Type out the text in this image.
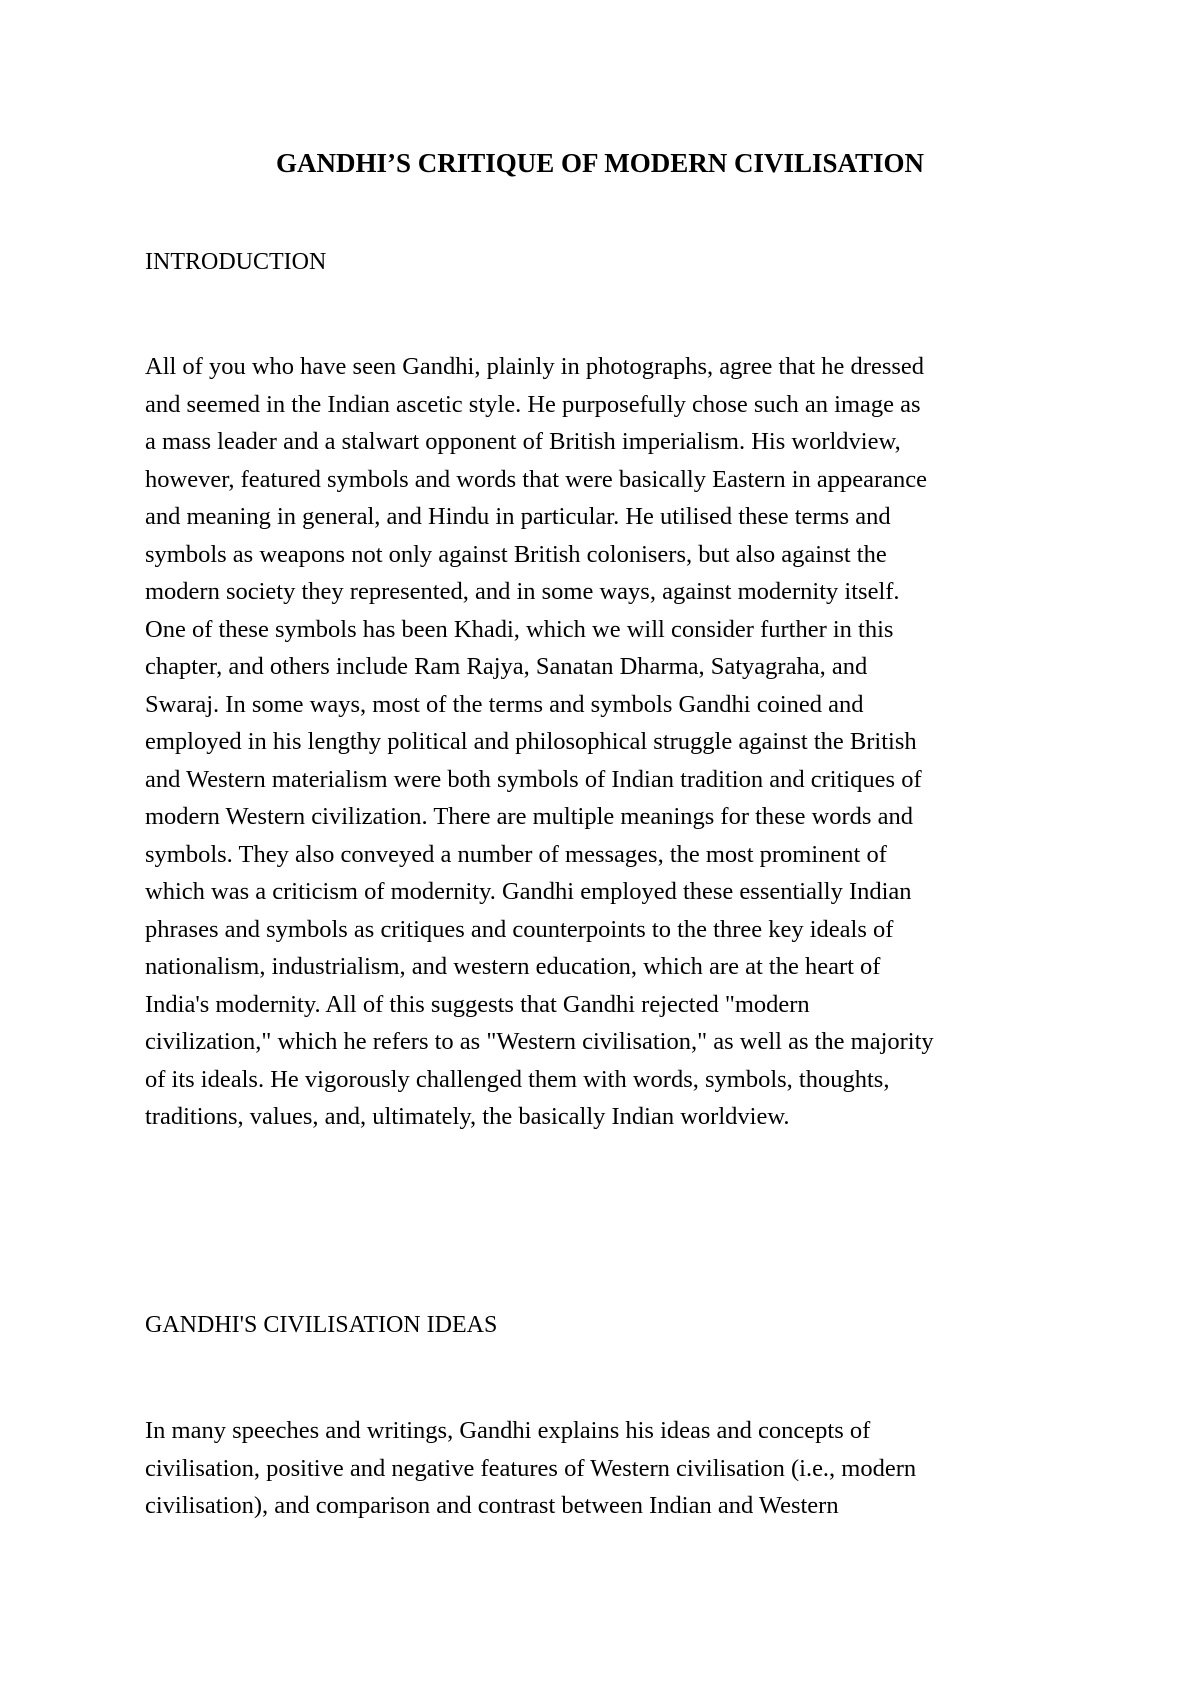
GANDHI’S CRITIQUE OF MODERN CIVILISATION
INTRODUCTION
All of you who have seen Gandhi, plainly in photographs, agree that he dressed
and seemed in the Indian ascetic style. He purposefully chose such an image as
a mass leader and a stalwart opponent of British imperialism. His worldview,
however, featured symbols and words that were basically Eastern in appearance
and meaning in general, and Hindu in particular. He utilised these terms and
symbols as weapons not only against British colonisers, but also against the
modern society they represented, and in some ways, against modernity itself.
One of these symbols has been Khadi, which we will consider further in this
chapter, and others include Ram Rajya, Sanatan Dharma, Satyagraha, and
Swaraj. In some ways, most of the terms and symbols Gandhi coined and
employed in his lengthy political and philosophical struggle against the British
and Western materialism were both symbols of Indian tradition and critiques of
modern Western civilization. There are multiple meanings for these words and
symbols. They also conveyed a number of messages, the most prominent of
which was a criticism of modernity. Gandhi employed these essentially Indian
phrases and symbols as critiques and counterpoints to the three key ideals of
nationalism, industrialism, and western education, which are at the heart of
India's modernity. All of this suggests that Gandhi rejected "modern
civilization," which he refers to as "Western civilisation," as well as the majority
of its ideals. He vigorously challenged them with words, symbols, thoughts,
traditions, values, and, ultimately, the basically Indian worldview.
GANDHI'S CIVILISATION IDEAS
In many speeches and writings, Gandhi explains his ideas and concepts of
civilisation, positive and negative features of Western civilisation (i.e., modern
civilisation), and comparison and contrast between Indian and Western
